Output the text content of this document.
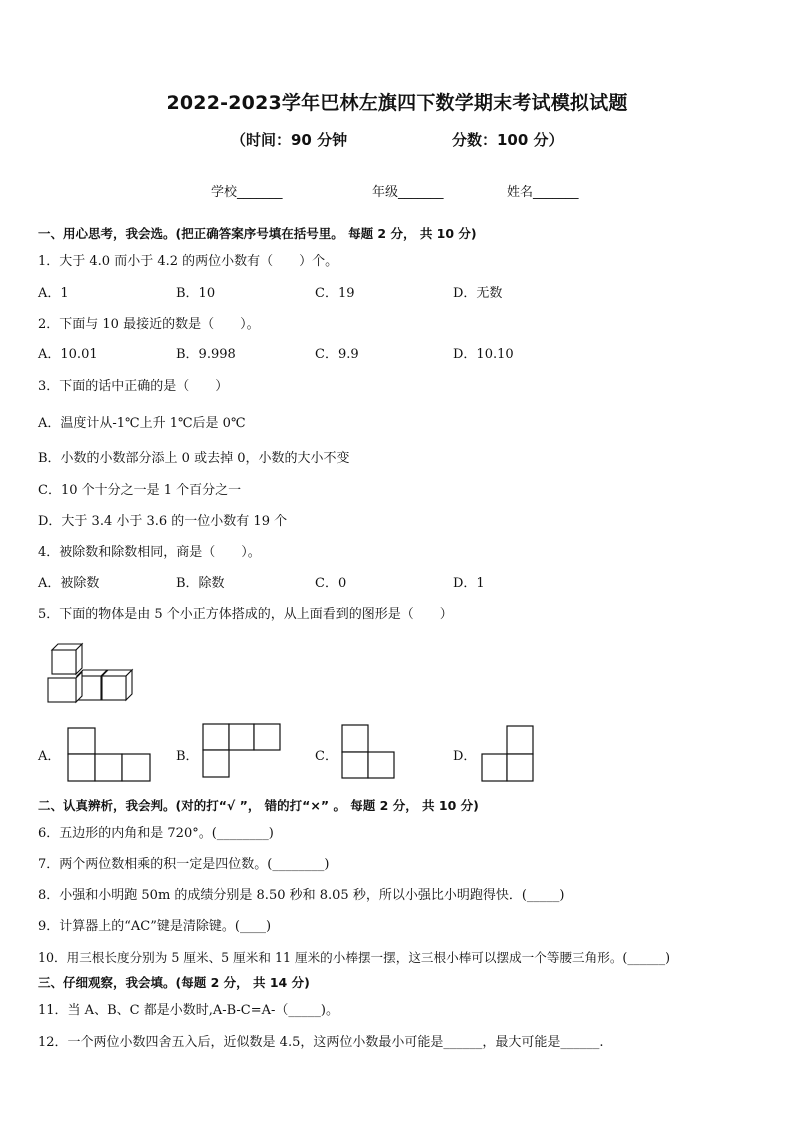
2022-2023学年巴林左旗四下数学期末考试模拟试题
（时间：90 分钟	分数：100 分）
学校_______	年级_______	姓名_______
一、用心思考，我会选。(把正确答案序号填在括号里。 每题 2 分， 共 10 分)
1．大于 4.0 而小于 4.2 的两位小数有（　　）个。
A．1	B．10	C．19	D．无数
2．下面与 10 最接近的数是（　　）。
A．10.01	B．9.998	C．9.9	D．10.10
3．下面的话中正确的是（　　）
A．温度计从-1℃上升 1℃后是 0℃
B．小数的小数部分添上 0 或去掉 0，小数的大小不变
C．10 个十分之一是 1 个百分之一
D．大于 3.4 小于 3.6 的一位小数有 19 个
4．被除数和除数相同，商是（　　）。
A．被除数	B．除数	C．0	D．1
5．下面的物体是由 5 个小正方体搭成的，从上面看到的图形是（　　）
A．	B．	C．	D．
二、认真辨析，我会判。(对的打“√ ”， 错的打“×” 。 每题 2 分， 共 10 分)
6．五边形的内角和是 720°。(________)
7．两个两位数相乘的积一定是四位数。(________)
8．小强和小明跑 50m 的成绩分别是 8.50 秒和 8.05 秒，所以小强比小明跑得快．(_____)
9．计算器上的“AC”键是清除键。(____)
10．用三根长度分别为 5 厘米、5 厘米和 11 厘米的小棒摆一摆，这三根小棒可以摆成一个等腰三角形。(______)
三、仔细观察，我会填。(每题 2 分， 共 14 分)
11．当 A、B、C 都是小数时,A-B-C=A-（_____)。
12．一个两位小数四舍五入后，近似数是 4.5，这两位小数最小可能是______，最大可能是______.
